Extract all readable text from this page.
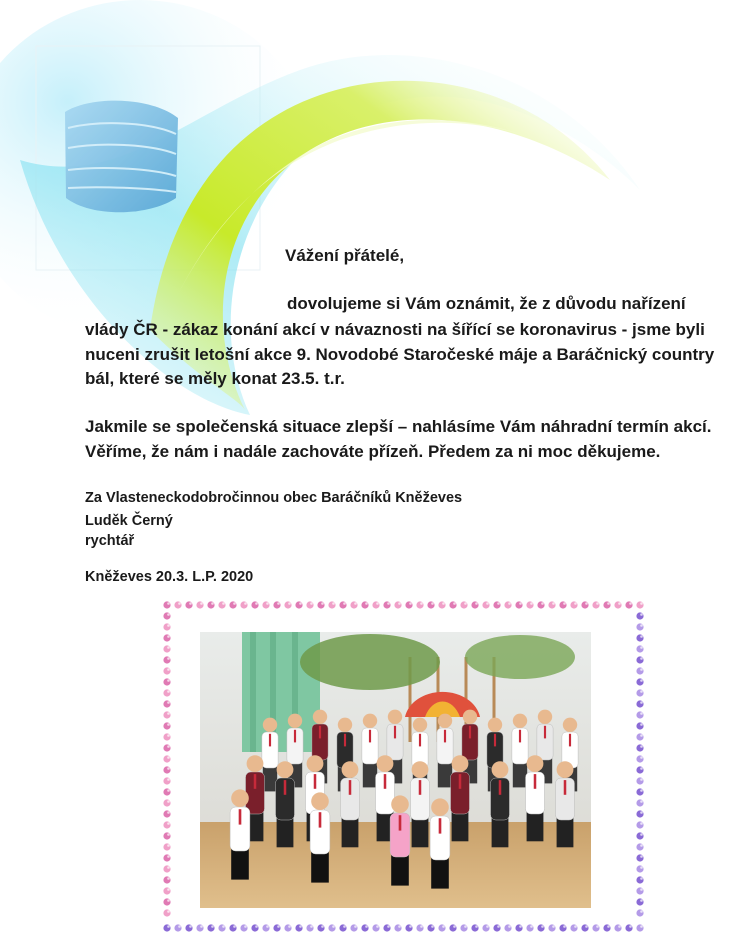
Vážení přátelé,
dovolujeme si Vám oznámit, že z důvodu nařízení
vlády ČR - zákaz konání akcí v návaznosti na šířící se koronavirus - jsme byli
nuceni zrušit letošní akce 9. Novodobé Staročeské máje a Baráčnický country
bál, které se měly konat 23.5. t.r.
Jakmile se společenská situace zlepší – nahlásíme Vám náhradní termín akcí.
Věříme, že nám i nadále zachováte přízeň. Předem za ni moc děkujeme.
Za Vlasteneckodobročinnou obec Baráčníků Kněževes
Luděk Černý
rychtář
Kněževes 20.3. L.P. 2020
